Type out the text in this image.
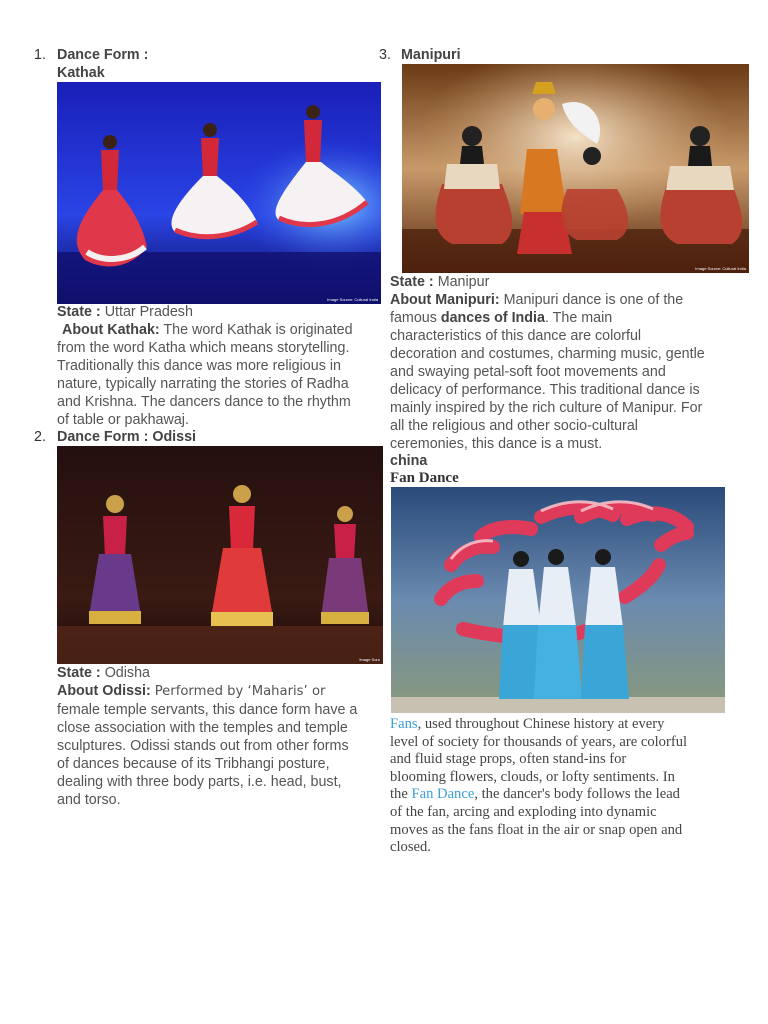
1. Dance Form :
Kathak
Image Source: Cultural India
State : Uttar Pradesh
About Kathak: The word Kathak is originated
from the word Katha which means storytelling.
Traditionally this dance was more religious in
nature, typically narrating the stories of Radha
and Krishna. The dancers dance to the rhythm
of table or pakhawaj.
2. Dance Form : Odissi
Image Sour
State : Odisha
About Odissi: Performed by ‘Maharis’ or
female temple servants, this dance form have a
close association with the temples and temple
sculptures. Odissi stands out from other forms
of dances because of its Tribhangi posture,
dealing with three body parts, i.e. head, bust,
and torso.
3. Manipuri
Image Source: Cultural India
State : Manipur
About Manipuri: Manipuri dance is one of the
famous dances of India. The main
characteristics of this dance are colorful
decoration and costumes, charming music, gentle
and swaying petal-soft foot movements and
delicacy of performance. This traditional dance is
mainly inspired by the rich culture of Manipur. For
all the religious and other socio-cultural
ceremonies, this dance is a must.
china
Fan Dance
Fans, used throughout Chinese history at every
level of society for thousands of years, are colorful
and fluid stage props, often stand-ins for
blooming flowers, clouds, or lofty sentiments. In
the Fan Dance, the dancer's body follows the lead
of the fan, arcing and exploding into dynamic
moves as the fans float in the air or snap open and
closed.
